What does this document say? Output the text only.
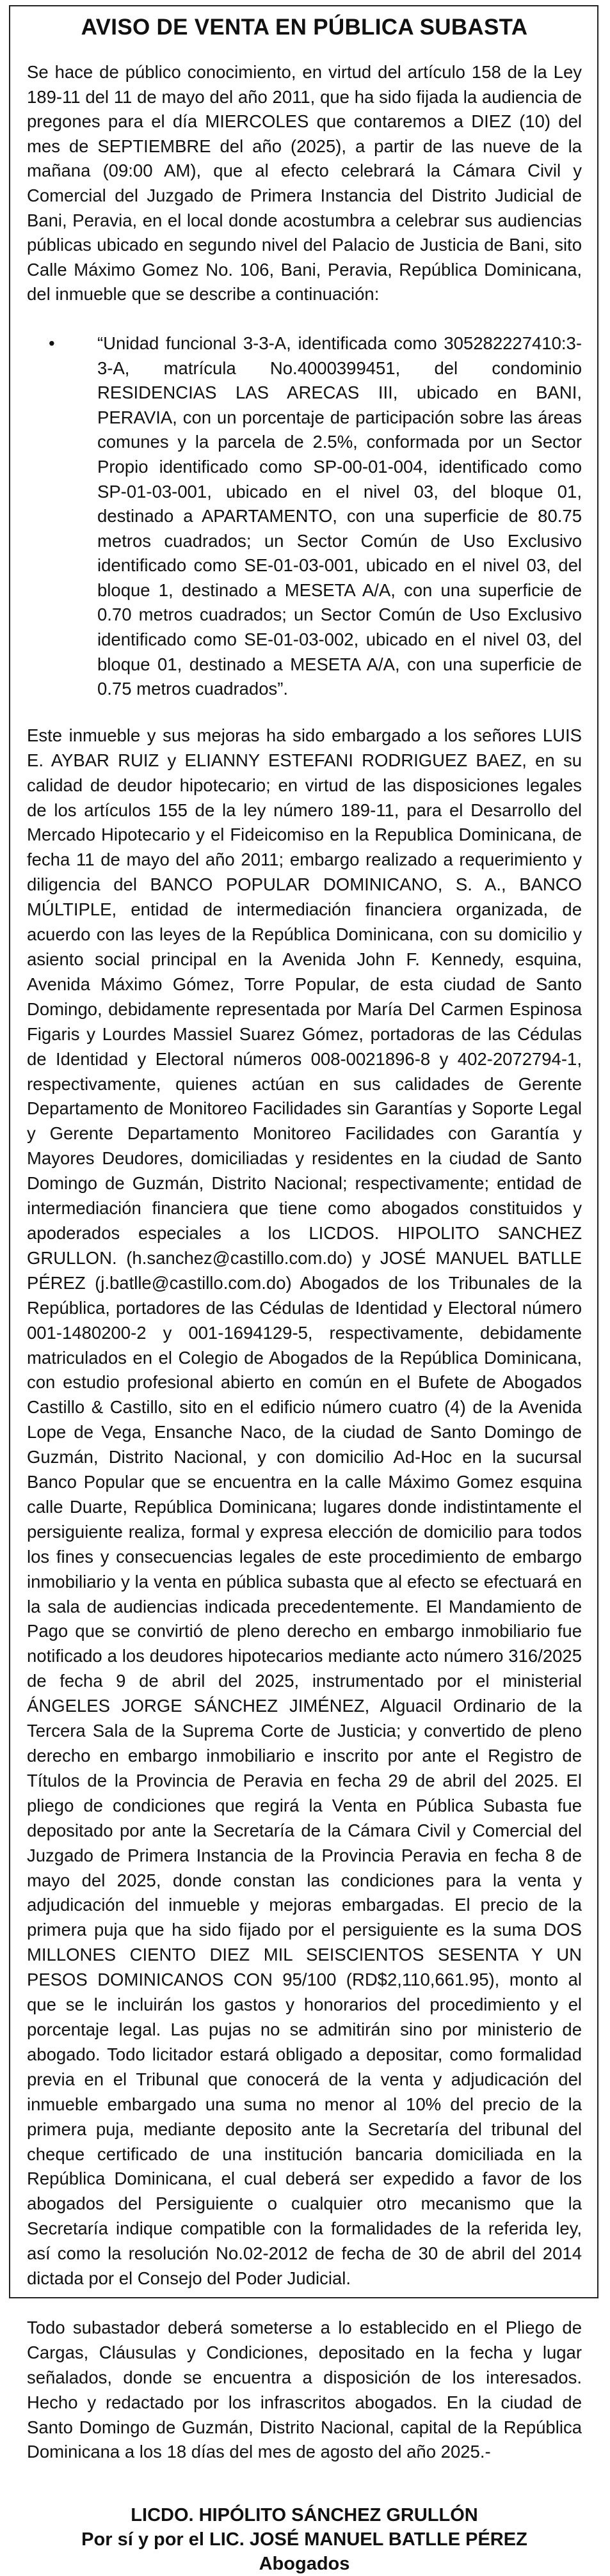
AVISO DE VENTA EN PÚBLICA SUBASTA

Se hace de público conocimiento, en virtud del artículo 158 de la Ley 189-11 del 11 de mayo del año 2011, que ha sido fijada la audiencia de pregones para el día MIERCOLES que contaremos a DIEZ (10) del mes de SEPTIEMBRE del año (2025), a partir de las nueve de la mañana (09:00 AM), que al efecto celebrará la Cámara Civil y Comercial del Juzgado de Primera Instancia del Distrito Judicial de Bani, Peravia, en el local donde acostumbra a celebrar sus audiencias públicas ubicado en segundo nivel del Palacio de Justicia de Bani, sito Calle Máximo Gomez No. 106, Bani, Peravia, República Dominicana, del inmueble que se describe a continuación:

• “Unidad funcional 3-3-A, identificada como 305282227410:3-3-A, matrícula No.4000399451, del condominio RESIDENCIAS LAS ARECAS III, ubicado en BANI, PERAVIA, con un porcentaje de participación sobre las áreas comunes y la parcela de 2.5%, conformada por un Sector Propio identificado como SP-00-01-004, identificado como SP-01-03-001, ubicado en el nivel 03, del bloque 01, destinado a APARTAMENTO, con una superficie de 80.75 metros cuadrados; un Sector Común de Uso Exclusivo identificado como SE-01-03-001, ubicado en el nivel 03, del bloque 1, destinado a MESETA A/A, con una superficie de 0.70 metros cuadrados; un Sector Común de Uso Exclusivo identificado como SE-01-03-002, ubicado en el nivel 03, del bloque 01, destinado a MESETA A/A, con una superficie de 0.75 metros cuadrados”.

Este inmueble y sus mejoras ha sido embargado a los señores LUIS E. AYBAR RUIZ y ELIANNY ESTEFANI RODRIGUEZ BAEZ, en su calidad de deudor hipotecario; en virtud de las disposiciones legales de los artículos 155 de la ley número 189-11, para el Desarrollo del Mercado Hipotecario y el Fideicomiso en la Republica Dominicana, de fecha 11 de mayo del año 2011; embargo realizado a requerimiento y diligencia del BANCO POPULAR DOMINICANO, S. A., BANCO MÚLTIPLE, entidad de intermediación financiera organizada, de acuerdo con las leyes de la República Dominicana, con su domicilio y asiento social principal en la Avenida John F. Kennedy, esquina, Avenida Máximo Gómez, Torre Popular, de esta ciudad de Santo Domingo, debidamente representada por María Del Carmen Espinosa Figaris y Lourdes Massiel Suarez Gómez, portadoras de las Cédulas de Identidad y Electoral números 008-0021896-8 y 402-2072794-1, respectivamente, quienes actúan en sus calidades de Gerente Departamento de Monitoreo Facilidades sin Garantías y Soporte Legal y Gerente Departamento Monitoreo Facilidades con Garantía y Mayores Deudores, domiciliadas y residentes en la ciudad de Santo Domingo de Guzmán, Distrito Nacional; respectivamente; entidad de intermediación financiera que tiene como abogados constituidos y apoderados especiales a los LICDOS. HIPOLITO SANCHEZ GRULLON. (h.sanchez@castillo.com.do) y JOSÉ MANUEL BATLLE PÉREZ (j.batlle@castillo.com.do) Abogados de los Tribunales de la República, portadores de las Cédulas de Identidad y Electoral número 001-1480200-2 y 001-1694129-5, respectivamente, debidamente matriculados en el Colegio de Abogados de la República Dominicana, con estudio profesional abierto en común en el Bufete de Abogados Castillo & Castillo, sito en el edificio número cuatro (4) de la Avenida Lope de Vega, Ensanche Naco, de la ciudad de Santo Domingo de Guzmán, Distrito Nacional, y con domicilio Ad-Hoc en la sucursal Banco Popular que se encuentra en la calle Máximo Gomez esquina calle Duarte, República Dominicana; lugares donde indistintamente el persiguiente realiza, formal y expresa elección de domicilio para todos los fines y consecuencias legales de este procedimiento de embargo inmobiliario y la venta en pública subasta que al efecto se efectuará en la sala de audiencias indicada precedentemente. El Mandamiento de Pago que se convirtió de pleno derecho en embargo inmobiliario fue notificado a los deudores hipotecarios mediante acto número 316/2025 de fecha 9 de abril del 2025, instrumentado por el ministerial ÁNGELES JORGE SÁNCHEZ JIMÉNEZ, Alguacil Ordinario de la Tercera Sala de la Suprema Corte de Justicia; y convertido de pleno derecho en embargo inmobiliario e inscrito por ante el Registro de Títulos de la Provincia de Peravia en fecha 29 de abril del 2025. El pliego de condiciones que regirá la Venta en Pública Subasta fue depositado por ante la Secretaría de la Cámara Civil y Comercial del Juzgado de Primera Instancia de la Provincia Peravia en fecha 8 de mayo del 2025, donde constan las condiciones para la venta y adjudicación del inmueble y mejoras embargadas. El precio de la primera puja que ha sido fijado por el persiguiente es la suma DOS MILLONES CIENTO DIEZ MIL SEISCIENTOS SESENTA Y UN PESOS DOMINICANOS CON 95/100 (RD$2,110,661.95), monto al que se le incluirán los gastos y honorarios del procedimiento y el porcentaje legal. Las pujas no se admitirán sino por ministerio de abogado. Todo licitador estará obligado a depositar, como formalidad previa en el Tribunal que conocerá de la venta y adjudicación del inmueble embargado una suma no menor al 10% del precio de la primera puja, mediante deposito ante la Secretaría del tribunal del cheque certificado de una institución bancaria domiciliada en la República Dominicana, el cual deberá ser expedido a favor de los abogados del Persiguiente o cualquier otro mecanismo que la Secretaría indique compatible con la formalidades de la referida ley, así como la resolución No.02-2012 de fecha de 30 de abril del 2014 dictada por el Consejo del Poder Judicial.

Todo subastador deberá someterse a lo establecido en el Pliego de Cargas, Cláusulas y Condiciones, depositado en la fecha y lugar señalados, donde se encuentra a disposición de los interesados. Hecho y redactado por los infrascritos abogados. En la ciudad de Santo Domingo de Guzmán, Distrito Nacional, capital de la República Dominicana a los 18 días del mes de agosto del año 2025.-

LICDO. HIPÓLITO SÁNCHEZ GRULLÓN
Por sí y por el LIC. JOSÉ MANUEL BATLLE PÉREZ
Abogados
